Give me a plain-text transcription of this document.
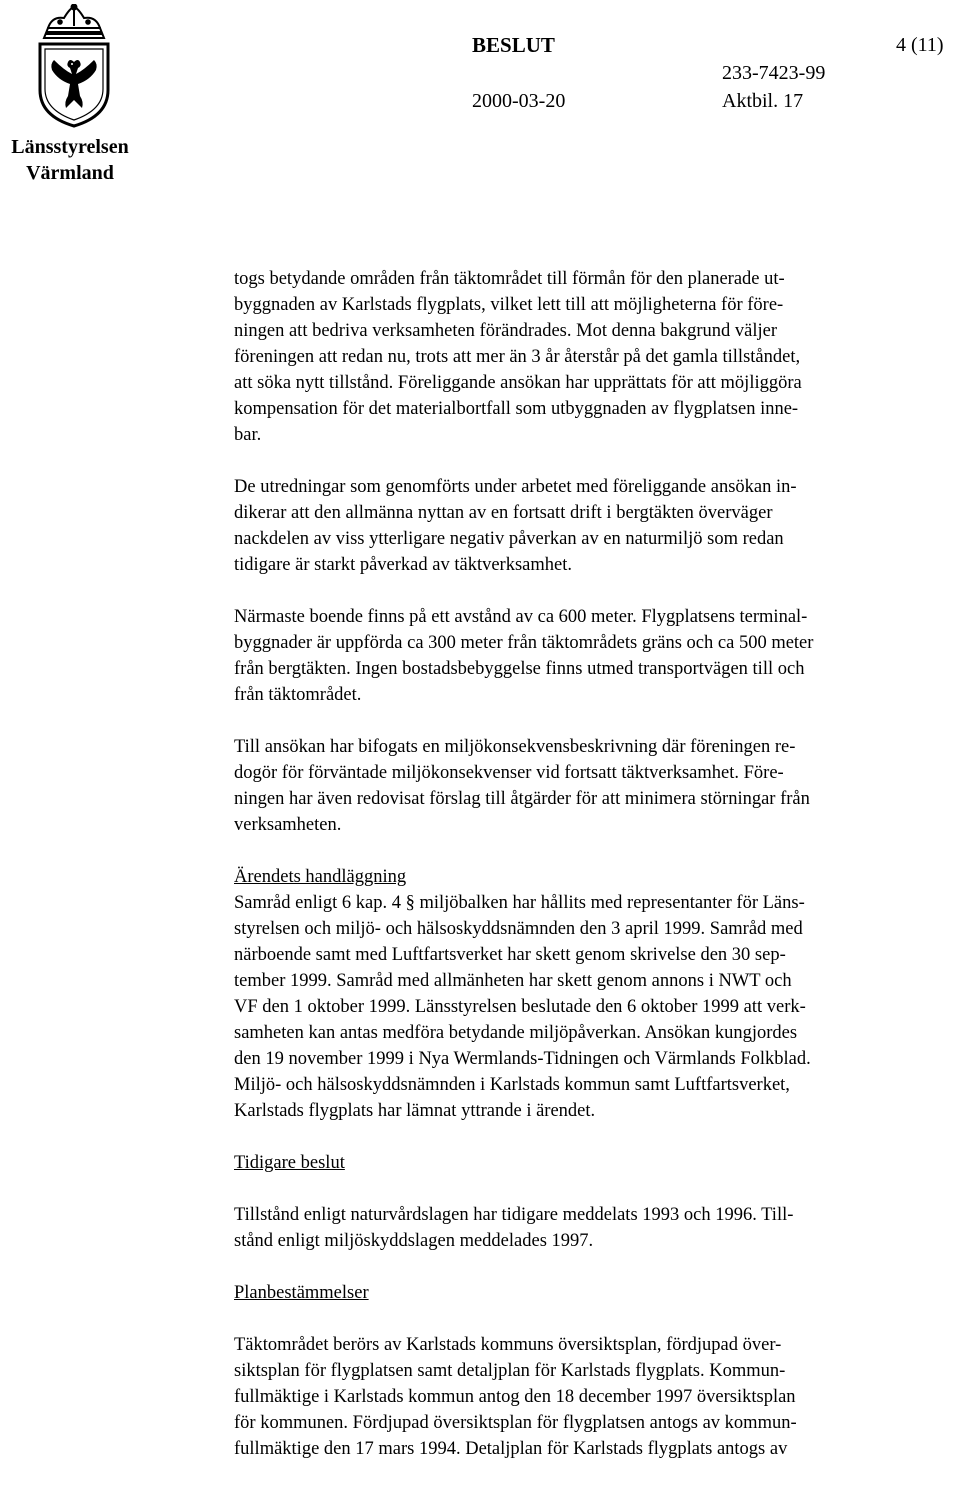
Länsstyrelsen
Värmland
BESLUT	4 (11)
233-7423-99
2000-03-20	Aktbil. 17
togs betydande områden från täktområdet till förmån för den planerade ut-
byggnaden av Karlstads flygplats, vilket lett till att möjligheterna för före-
ningen att bedriva verksamheten förändrades. Mot denna bakgrund väljer
föreningen att redan nu, trots att mer än 3 år återstår på det gamla tillståndet,
att söka nytt tillstånd. Föreliggande ansökan har upprättats för att möjliggöra
kompensation för det materialbortfall som utbyggnaden av flygplatsen inne-
bar.
De utredningar som genomförts under arbetet med föreliggande ansökan in-
dikerar att den allmänna nyttan av en fortsatt drift i bergtäkten överväger
nackdelen av viss ytterligare negativ påverkan av en naturmiljö som redan
tidigare är starkt påverkad av täktverksamhet.
Närmaste boende finns på ett avstånd av ca 600 meter. Flygplatsens terminal-
byggnader är uppförda ca 300 meter från täktområdets gräns och ca 500 meter
från bergtäkten. Ingen bostadsbebyggelse finns utmed transportvägen till och
från täktområdet.
Till ansökan har bifogats en miljökonsekvensbeskrivning där föreningen re-
dogör för förväntade miljökonsekvenser vid fortsatt täktverksamhet. Före-
ningen har även redovisat förslag till åtgärder för att minimera störningar från
verksamheten.
Ärendets handläggning
Samråd enligt 6 kap. 4 § miljöbalken har hållits med representanter för Läns-
styrelsen och miljö- och hälsoskyddsnämnden den 3 april 1999. Samråd med
närboende samt med Luftfartsverket har skett genom skrivelse den 30 sep-
tember 1999. Samråd med allmänheten har skett genom annons i NWT och
VF den 1 oktober 1999. Länsstyrelsen beslutade den 6 oktober 1999 att verk-
samheten kan antas medföra betydande miljöpåverkan. Ansökan kungjordes
den 19 november 1999 i Nya Wermlands-Tidningen och Värmlands Folkblad.
Miljö- och hälsoskyddsnämnden i Karlstads kommun samt Luftfartsverket,
Karlstads flygplats har lämnat yttrande i ärendet.
Tidigare beslut
Tillstånd enligt naturvårdslagen har tidigare meddelats 1993 och 1996. Till-
stånd enligt miljöskyddslagen meddelades 1997.
Planbestämmelser
Täktområdet berörs av Karlstads kommuns översiktsplan, fördjupad över-
siktsplan för flygplatsen samt detaljplan för Karlstads flygplats. Kommun-
fullmäktige i Karlstads kommun antog den 18 december 1997 översiktsplan
för kommunen. Fördjupad översiktsplan för flygplatsen antogs av kommun-
fullmäktige den 17 mars 1994. Detaljplan för Karlstads flygplats antogs av
